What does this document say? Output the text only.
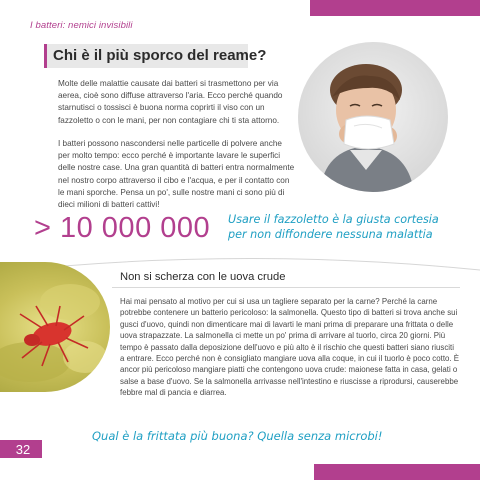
I batteri: nemici invisibili
Chi è il più sporco del reame?

Molte delle malattie causate dai batteri si trasmettono per via aerea, cioè sono diffuse attraverso l'aria. Ecco perché quando starnutisci o tossisci è buona norma coprirti il viso con un fazzoletto o con le mani, per non contagiare chi ti sta attorno.

I batteri possono nascondersi nelle particelle di polvere anche per molto tempo: ecco perché è importante lavare le superfici delle nostre case. Una gran quantità di batteri entra normalmente nel nostro corpo attraverso il cibo e l'acqua, e per il contatto con le mani sporche. Pensa un po', sulle nostre mani ci sono più di dieci milioni di batteri cattivi!

> 10 000 000 Usare il fazzoletto è la giusta cortesia per non diffondere nessuna malattia
Non si scherza con le uova crude

Hai mai pensato al motivo per cui si usa un tagliere separato per la carne? Perché la carne potrebbe contenere un batterio pericoloso: la salmonella. Questo tipo di batteri si trova anche sui gusci d'uovo, quindi non dimenticare mai di lavarti le mani prima di preparare una frittata o delle uova strapazzate. La salmonella ci mette un po' prima di arrivare al tuorlo, circa 20 giorni. Più tempo è passato dalla deposizione dell'uovo e più alto è il rischio che questi batteri siano riusciti a entrare. Ecco perché non è consigliato mangiare uova alla coque, in cui il tuorlo è poco cotto. È ancor più pericoloso mangiare piatti che contengono uova crude: maionese fatta in casa, gelati o salse a base d'uovo. Se la salmonella arrivasse nell'intestino e riuscisse a riprodursi, causerebbe febbre mal di pancia e diarrea.

32
Qual è la frittata più buona? Quella senza microbi!
